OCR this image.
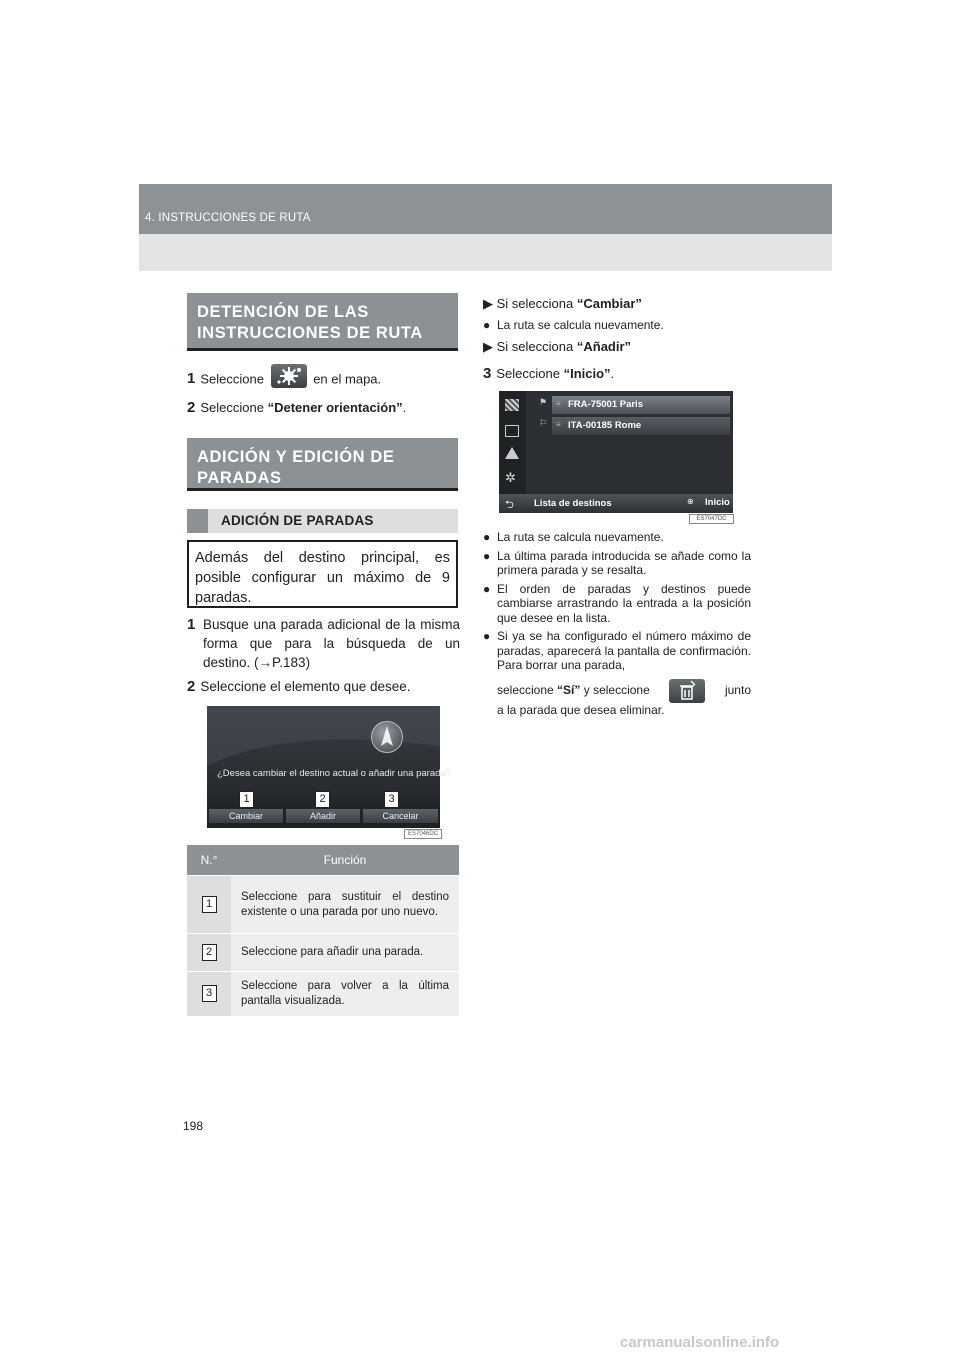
4. INSTRUCCIONES DE RUTA
DETENCIÓN DE LAS INSTRUCCIONES DE RUTA
1 Seleccione	en el mapa.
2 Seleccione “Detener orientación”.
ADICIÓN Y EDICIÓN DE PARADAS
ADICIÓN DE PARADAS
Además del destino principal, es posible configurar un máximo de 9 paradas.
1 Busque una parada adicional de la misma forma que para la búsqueda de un destino. (→P.183)
2 Seleccione el elemento que desee.
¿Desea cambiar el destino actual o añadir una parada?
1	2	3
Cambiar	Añadir	Cancelar
ES7046DC
N.°	Función
1	Seleccione para sustituir el destino existente o una parada por uno nuevo.
2	Seleccione para añadir una parada.
3	Seleccione para volver a la última pantalla visualizada.
▶ Si selecciona “Cambiar”
● La ruta se calcula nuevamente.
▶ Si selecciona “Añadir”
3 Seleccione “Inicio”.
✲
⚑
⚐
≡ FRA-75001 Paris
≡ ITA-00185 Rome
⮌ Lista de destinos	⊕ Inicio
ES7047DC
● La ruta se calcula nuevamente.
● La última parada introducida se añade como la primera parada y se resalta.
● El orden de paradas y destinos puede cambiarse arrastrando la entrada a la posición que desee en la lista.
● Si ya se ha configurado el número máximo de paradas, aparecerá la pantalla de confirmación. Para borrar una parada,
seleccione “Sí” y seleccione	junto
a la parada que desea eliminar.
198
carmanualsonline.info
